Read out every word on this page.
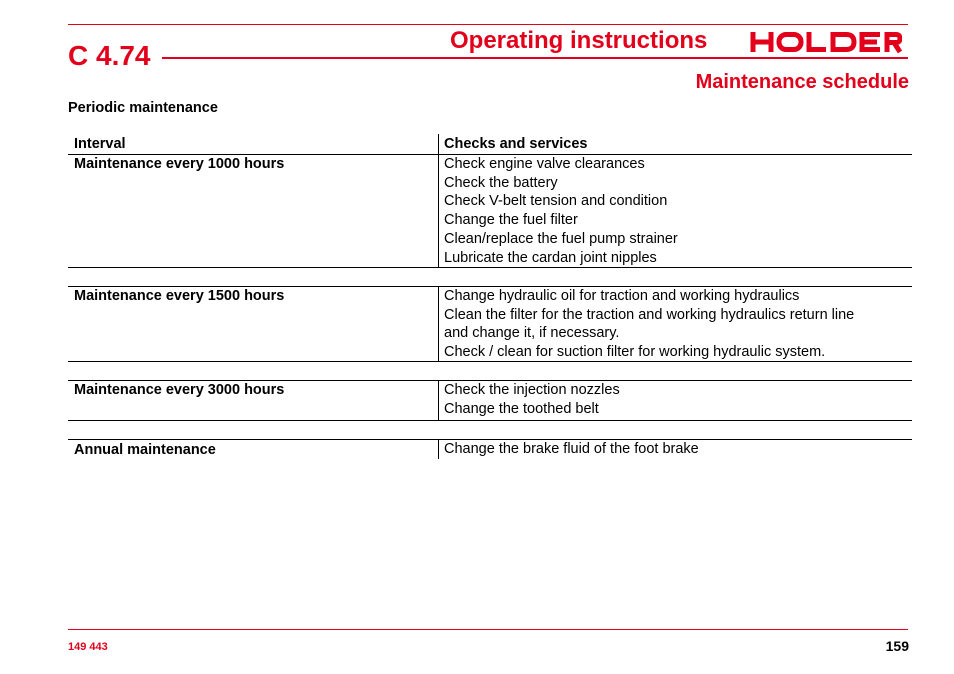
C 4.74	Operating instructions
Maintenance schedule
Periodic maintenance
Interval	Checks and services
Maintenance every 1000 hours	Check engine valve clearances
Check the battery
Check V-belt tension and condition
Change the fuel filter
Clean/replace the fuel pump strainer
Lubricate the cardan joint nipples
Maintenance every 1500 hours	Change hydraulic oil for traction and working hydraulics
Clean the filter for the traction and working hydraulics return line
and change it, if necessary.
Check / clean for suction filter for working hydraulic system.
Maintenance every 3000 hours	Check the injection nozzles
Change the toothed belt
Annual maintenance	Change the brake fluid of the foot brake
149 443	159
